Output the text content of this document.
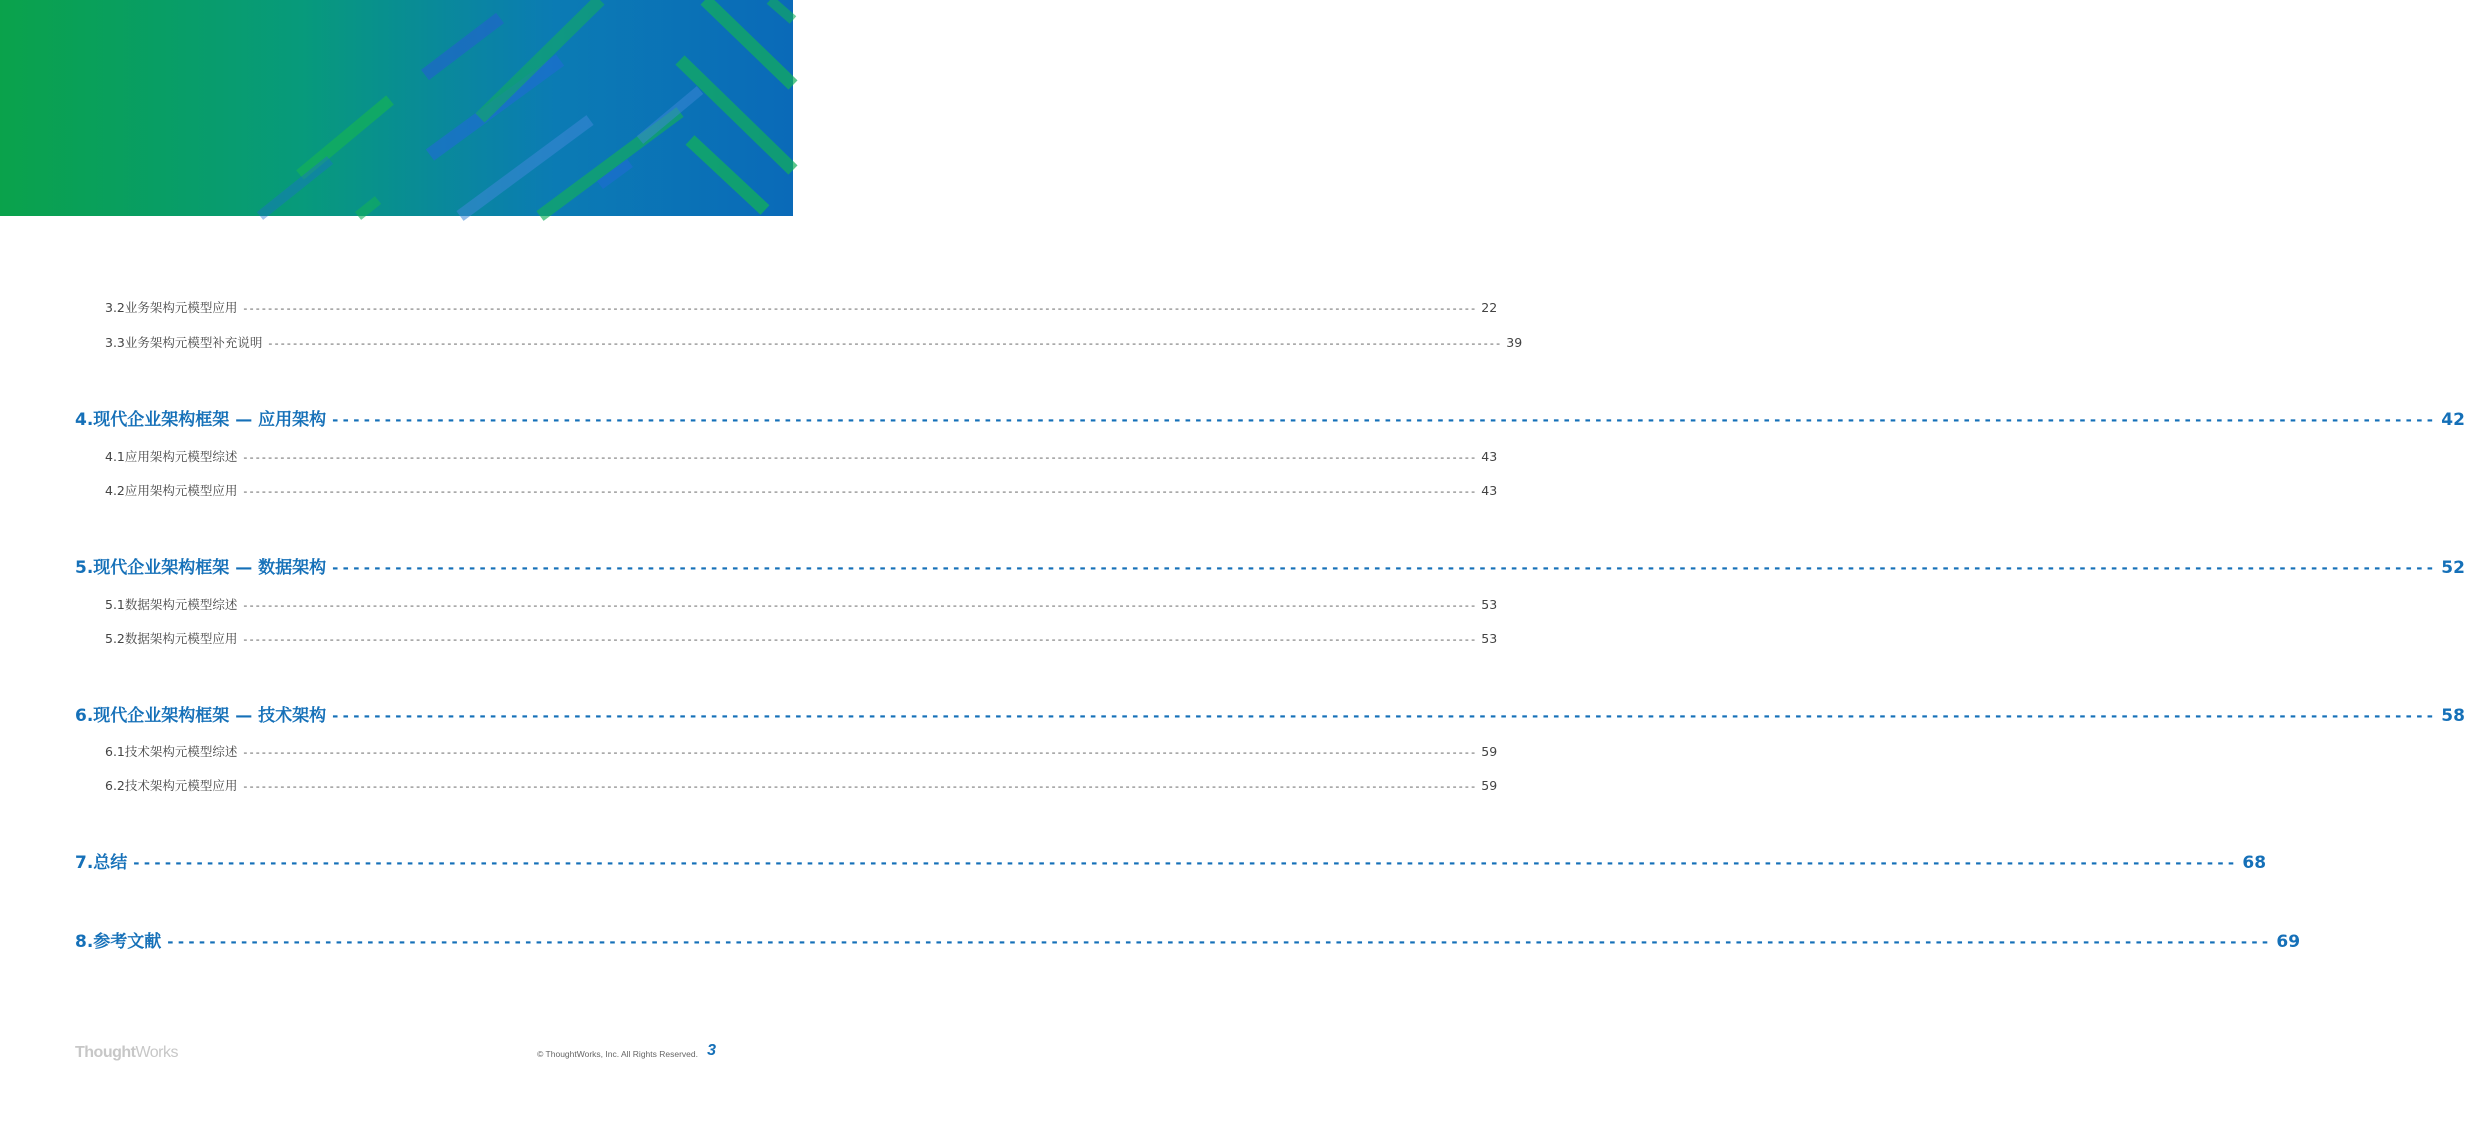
3.2 业务架构元模型应用 -------------------------------------------------------------------------------------------------------------------------------------------------------------------------------------------------------- 22
3.3 业务架构元模型补充说明 -------------------------------------------------------------------------------------------------------------------------------------------------------------------------------------------------------- 39
4. 现代企业架构框架 — 应用架构 -------------------------------------------------------------------------------------------------------------------------------------------------------------------------------------------------------- 42
4.1 应用架构元模型综述 -------------------------------------------------------------------------------------------------------------------------------------------------------------------------------------------------------- 43
4.2 应用架构元模型应用 -------------------------------------------------------------------------------------------------------------------------------------------------------------------------------------------------------- 43
5. 现代企业架构框架 — 数据架构 -------------------------------------------------------------------------------------------------------------------------------------------------------------------------------------------------------- 52
5.1 数据架构元模型综述 -------------------------------------------------------------------------------------------------------------------------------------------------------------------------------------------------------- 53
5.2 数据架构元模型应用 -------------------------------------------------------------------------------------------------------------------------------------------------------------------------------------------------------- 53
6. 现代企业架构框架 — 技术架构 -------------------------------------------------------------------------------------------------------------------------------------------------------------------------------------------------------- 58
6.1 技术架构元模型综述 -------------------------------------------------------------------------------------------------------------------------------------------------------------------------------------------------------- 59
6.2 技术架构元模型应用 -------------------------------------------------------------------------------------------------------------------------------------------------------------------------------------------------------- 59
7. 总结 -------------------------------------------------------------------------------------------------------------------------------------------------------------------------------------------------------- 68
8. 参考文献 -------------------------------------------------------------------------------------------------------------------------------------------------------------------------------------------------------- 69
ThoughtWorks	© ThoughtWorks, Inc. All Rights Reserved. 3
